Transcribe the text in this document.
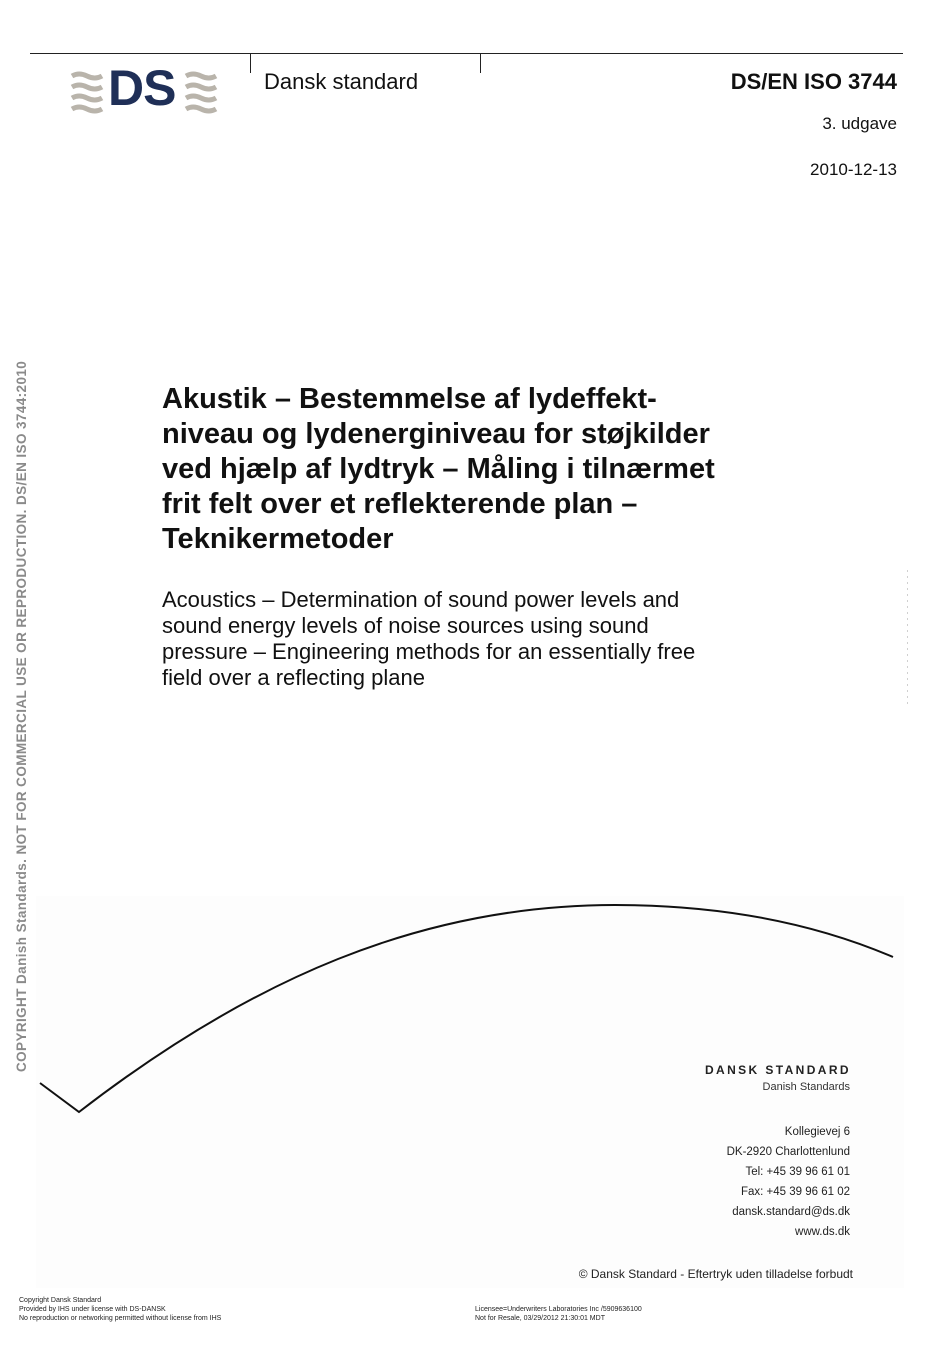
DS	Dansk standard	DS/EN ISO 3744
3. udgave
2010-12-13
COPYRIGHT Danish Standards. NOT FOR COMMERCIAL USE OR REPRODUCTION. DS/EN ISO 3744:2010	Akustik – Bestemmelse af lydeffekt-
niveau og lydenerginiveau for støjkilder
ved hjælp af lydtryk – Måling i tilnærmet
frit felt over et reflekterende plan –
Teknikermetoder
Acoustics – Determination of sound power levels and
sound energy levels of noise sources using sound
pressure – Engineering methods for an essentially free
field over a reflecting plane
DANSK STANDARD
Danish Standards
Kollegievej 6
DK-2920 Charlottenlund
Tel: +45 39 96 61 01
Fax: +45 39 96 61 02
dansk.standard@ds.dk
www.ds.dk
© Dansk Standard - Eftertryk uden tilladelse forbudt
Copyright Dansk Standard
Provided by IHS under license with DS-DANSK
No reproduction or networking permitted without license from IHS
Licensee=Underwriters Laboratories Inc /5909636100
Not for Resale, 03/29/2012 21:30:01 MDT
